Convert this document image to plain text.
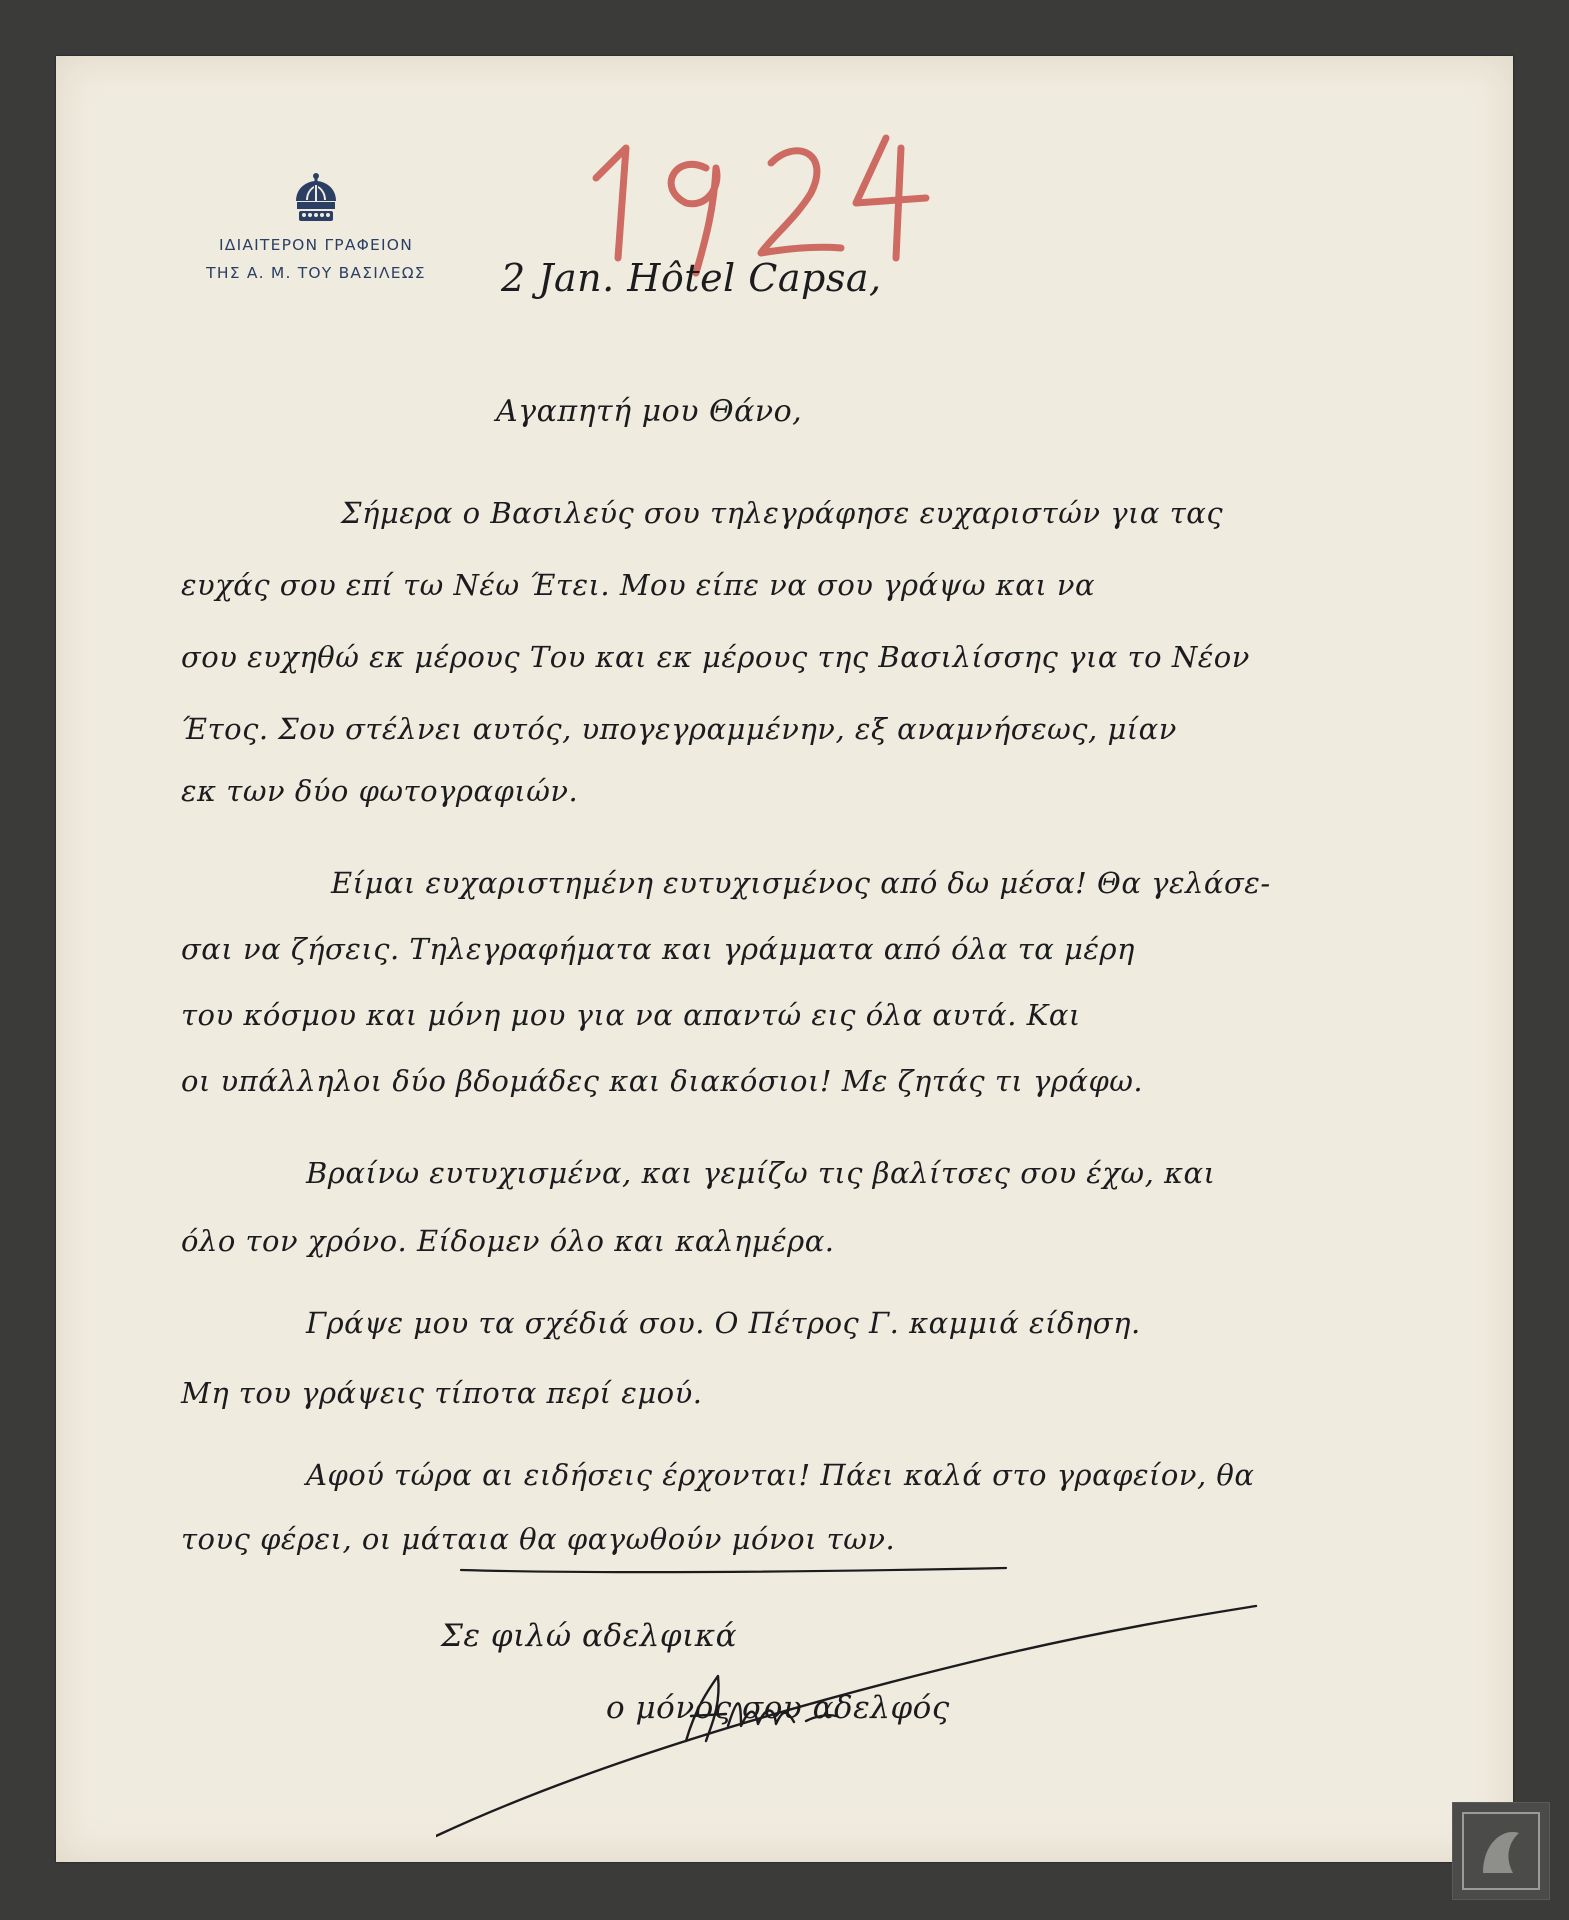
ΙΔΙΑΙΤΕΡΟΝ ΓΡΑΦΕΙΟΝ
ΤΗΣ Α. Μ. ΤΟΥ ΒΑΣΙΛΕΩΣ	2 Jan. Hôtel Capsa,
Αγαπητή μου Θάνο,
Σήμερα ο Βασιλεύς σου τηλεγράφησε ευχαριστών για τας
ευχάς σου επί τω Νέω Έτει. Μου είπε να σου γράψω και να
σου ευχηθώ εκ μέρους Του και εκ μέρους της Βασιλίσσης για το Νέον
Έτος. Σου στέλνει αυτός, υπογεγραμμένην, εξ αναμνήσεως, μίαν
εκ των δύο φωτογραφιών.
Είμαι ευχαριστημένη ευτυχισμένος από δω μέσα! Θα γελάσε-
σαι να ζήσεις. Τηλεγραφήματα και γράμματα από όλα τα μέρη
του κόσμου και μόνη μου για να απαντώ εις όλα αυτά. Και
οι υπάλληλοι δύο βδομάδες και διακόσιοι! Με ζητάς τι γράφω.
Βραίνω ευτυχισμένα, και γεμίζω τις βαλίτσες σου έχω, και
όλο τον χρόνο. Είδομεν όλο και καλημέρα.
Γράψε μου τα σχέδιά σου. Ο Πέτρος Γ. καμμιά είδηση.
Μη του γράψεις τίποτα περί εμού.
Αφού τώρα αι ειδήσεις έρχονται! Πάει καλά στο γραφείον, θα
τους φέρει, οι μάταια θα φαγωθούν μόνοι των.
Σε φιλώ αδελφικά
ο μόνος σου αδελφός
